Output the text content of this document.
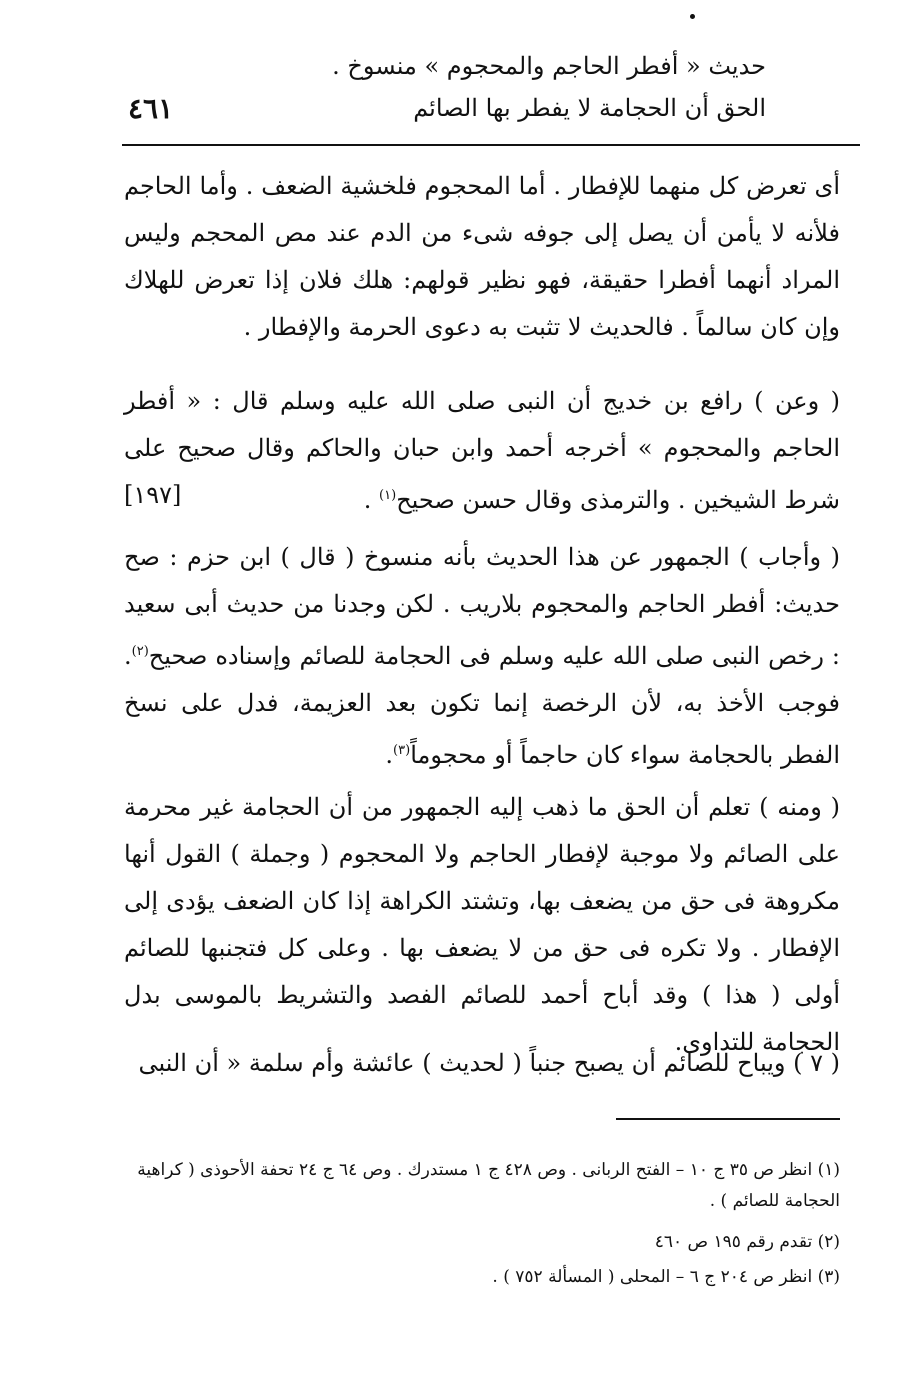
حديث « أفطر الحاجم والمحجوم » منسوخ .
الحق أن الحجامة لا يفطر بها الصائم
٤٦١
أى تعرض كل منهما للإفطار . أما المحجوم فلخشية الضعف . وأما الحاجم فلأنه لا يأمن أن يصل إلى جوفه شىء من الدم عند مص المحجم وليس المراد أنهما أفطرا حقيقة، فهو نظير قولهم: هلك فلان إذا تعرض للهلاك وإن كان سالماً . فالحديث لا تثبت به دعوى الحرمة والإفطار .
( وعن ) رافع بن خديج أن النبى صلى الله عليه وسلم قال : « أفطر الحاجم والمحجوم » أخرجه أحمد وابن حبان والحاكم وقال صحيح على شرط الشيخين . والترمذى وقال حسن صحيح$^{(١)}$ .
[١٩٧]
( وأجاب ) الجمهور عن هذا الحديث بأنه منسوخ ( قال ) ابن حزم : صح حديث: أفطر الحاجم والمحجوم بلاريب . لكن وجدنا من حديث أبى سعيد : رخص النبى صلى الله عليه وسلم فى الحجامة للصائم وإسناده صحيح$^{(٢)}$. فوجب الأخذ به، لأن الرخصة إنما تكون بعد العزيمة، فدل على نسخ الفطر بالحجامة سواء كان حاجماً أو محجوماً$^{(٣)}$.
( ومنه ) تعلم أن الحق ما ذهب إليه الجمهور من أن الحجامة غير محرمة على الصائم ولا موجبة لإفطار الحاجم ولا المحجوم ( وجملة ) القول أنها مكروهة فى حق من يضعف بها، وتشتد الكراهة إذا كان الضعف يؤدى إلى الإفطار . ولا تكره فى حق من لا يضعف بها . وعلى كل فتجنبها للصائم أولى ( هذا ) وقد أباح أحمد للصائم الفصد والتشريط بالموسى بدل الحجامة للتداوى.
( ٧ ) ويباح للصائم أن يصبح جنباً ( لحديث ) عائشة وأم سلمة « أن النبى
(١) انظر ص ٣٥ ج ١٠ – الفتح الربانى . وص ٤٢٨ ج ١ مستدرك . وص ٦٤ ج ٢٤ تحفة الأحوذى ( كراهية الحجامة للصائم ) .
(٢) تقدم رقم ١٩٥ ص ٤٦٠
(٣) انظر ص ٢٠٤ ج ٦ – المحلى ( المسألة ٧٥٢ ) .
